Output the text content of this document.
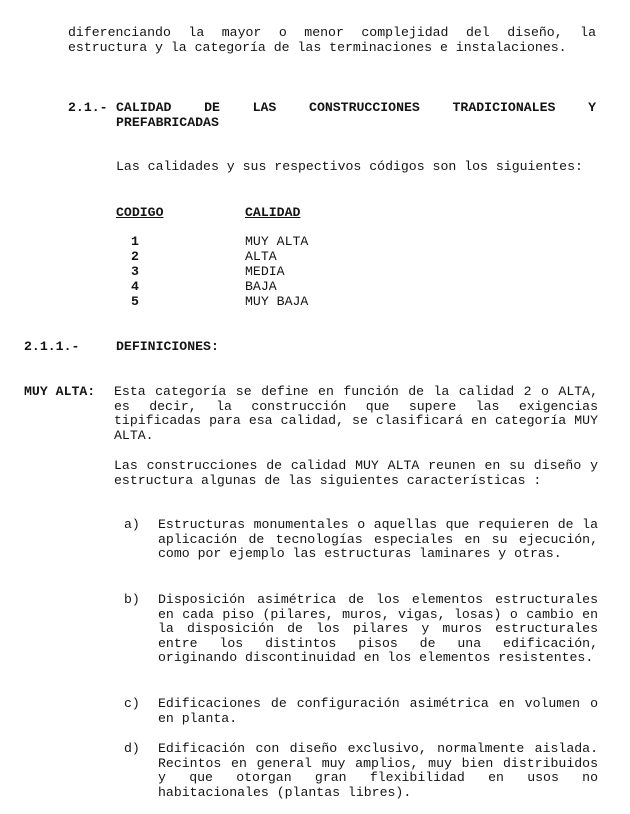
diferenciando la mayor o menor complejidad del diseño, la estructura y la categoría de las terminaciones e instalaciones.
2.1.- CALIDAD DE LAS CONSTRUCCIONES TRADICIONALES Y
PREFABRICADAS
Las calidades y sus respectivos códigos son los siguientes:
CODIGO	CALIDAD
1	MUY ALTA
2	ALTA
3	MEDIA
4	BAJA
5	MUY BAJA
2.1.1.-	DEFINICIONES:
MUY ALTA: Esta categoría se define en función de la calidad 2 o ALTA, es decir, la construcción que supere las exigencias tipificadas para esa calidad, se clasificará en categoría MUY ALTA.
Las construcciones de calidad MUY ALTA reunen en su diseño y estructura algunas de las siguientes características :
a) Estructuras monumentales o aquellas que requieren de la aplicación de tecnologías especiales en su ejecución, como por ejemplo las estructuras laminares y otras.
b) Disposición asimétrica de los elementos estructurales en cada piso (pilares, muros, vigas, losas) o cambio en la disposición de los pilares y muros estructurales entre los distintos pisos de una edificación, originando discontinuidad en los elementos resistentes.
c) Edificaciones de configuración asimétrica en volumen o en planta.
d) Edificación con diseño exclusivo, normalmente aislada. Recintos en general muy amplios, muy bien distribuidos y que otorgan gran flexibilidad en usos no habitacionales (plantas libres).
